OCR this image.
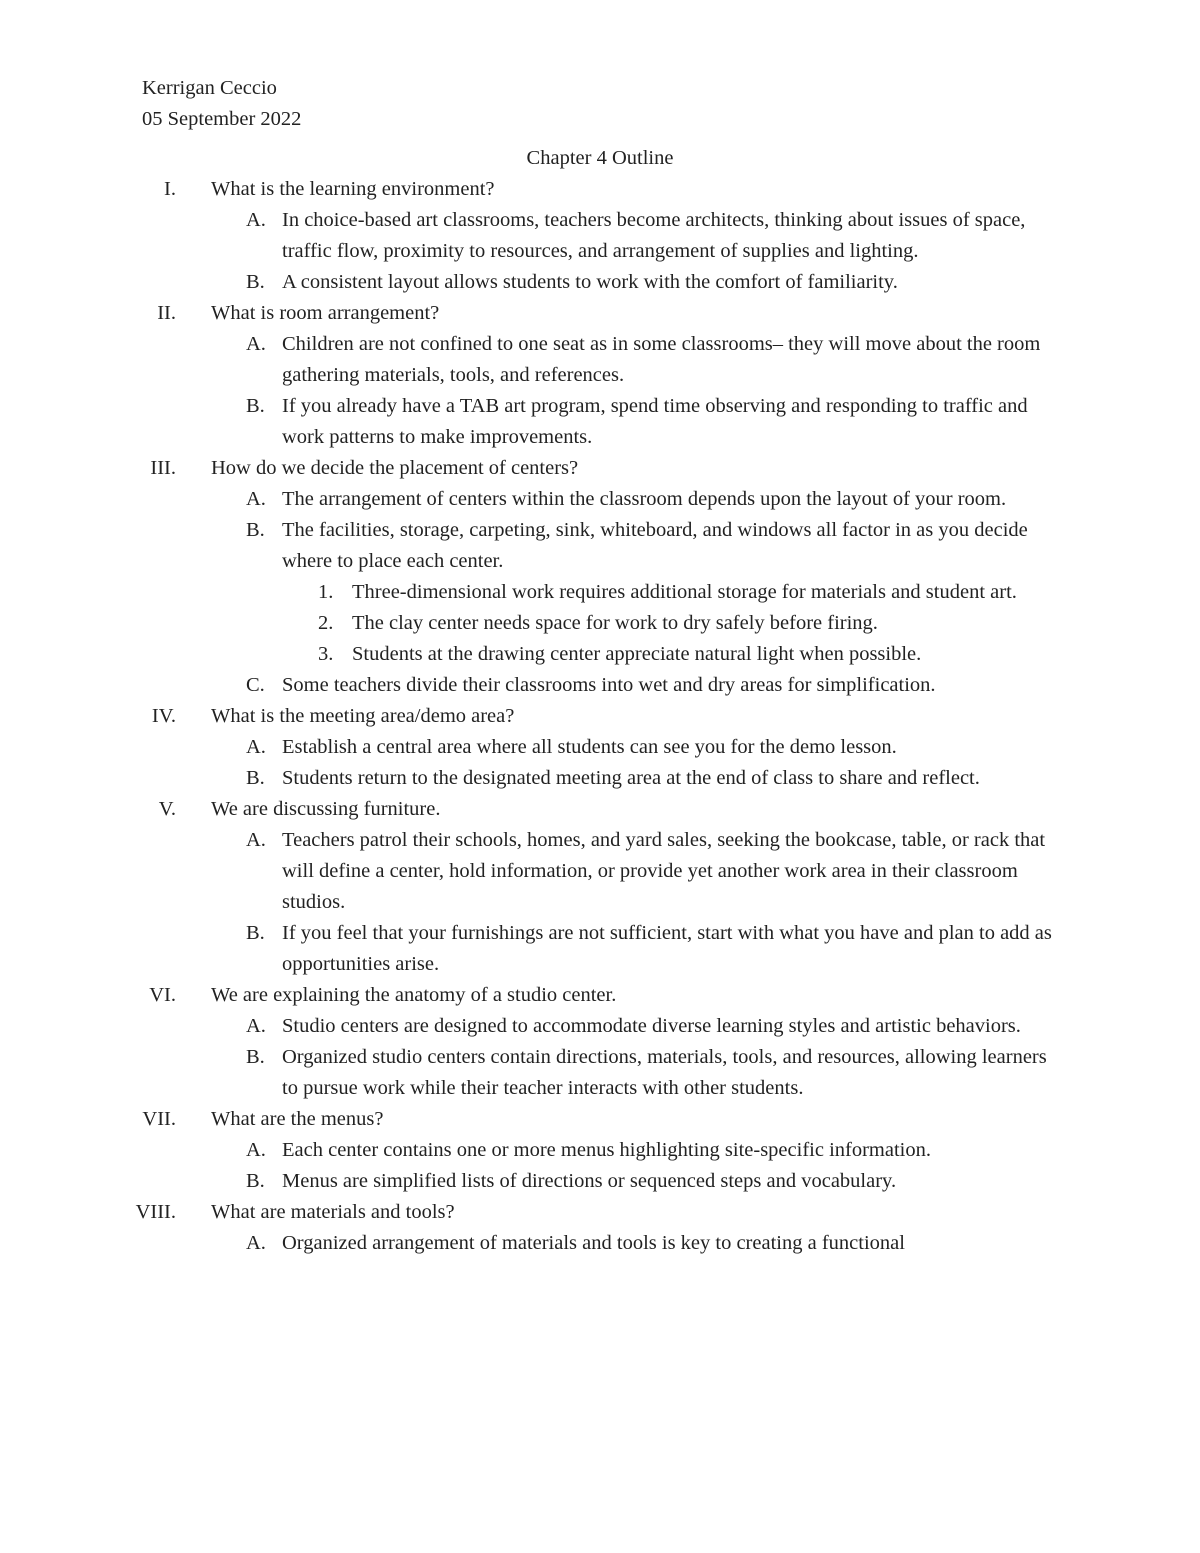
Kerrigan Ceccio
05 September 2022
Chapter 4 Outline
I. What is the learning environment?
A. In choice-based art classrooms, teachers become architects, thinking about issues of space, traffic flow, proximity to resources, and arrangement of supplies and lighting.
B. A consistent layout allows students to work with the comfort of familiarity.
II. What is room arrangement?
A. Children are not confined to one seat as in some classrooms– they will move about the room gathering materials, tools, and references.
B. If you already have a TAB art program, spend time observing and responding to traffic and work patterns to make improvements.
III. How do we decide the placement of centers?
A. The arrangement of centers within the classroom depends upon the layout of your room.
B. The facilities, storage, carpeting, sink, whiteboard, and windows all factor in as you decide where to place each center.
1. Three-dimensional work requires additional storage for materials and student art.
2. The clay center needs space for work to dry safely before firing.
3. Students at the drawing center appreciate natural light when possible.
C. Some teachers divide their classrooms into wet and dry areas for simplification.
IV. What is the meeting area/demo area?
A. Establish a central area where all students can see you for the demo lesson.
B. Students return to the designated meeting area at the end of class to share and reflect.
V. We are discussing furniture.
A. Teachers patrol their schools, homes, and yard sales, seeking the bookcase, table, or rack that will define a center, hold information, or provide yet another work area in their classroom studios.
B. If you feel that your furnishings are not sufficient, start with what you have and plan to add as opportunities arise.
VI. We are explaining the anatomy of a studio center.
A. Studio centers are designed to accommodate diverse learning styles and artistic behaviors.
B. Organized studio centers contain directions, materials, tools, and resources, allowing learners to pursue work while their teacher interacts with other students.
VII. What are the menus?
A. Each center contains one or more menus highlighting site-specific information.
B. Menus are simplified lists of directions or sequenced steps and vocabulary.
VIII. What are materials and tools?
A. Organized arrangement of materials and tools is key to creating a functional
